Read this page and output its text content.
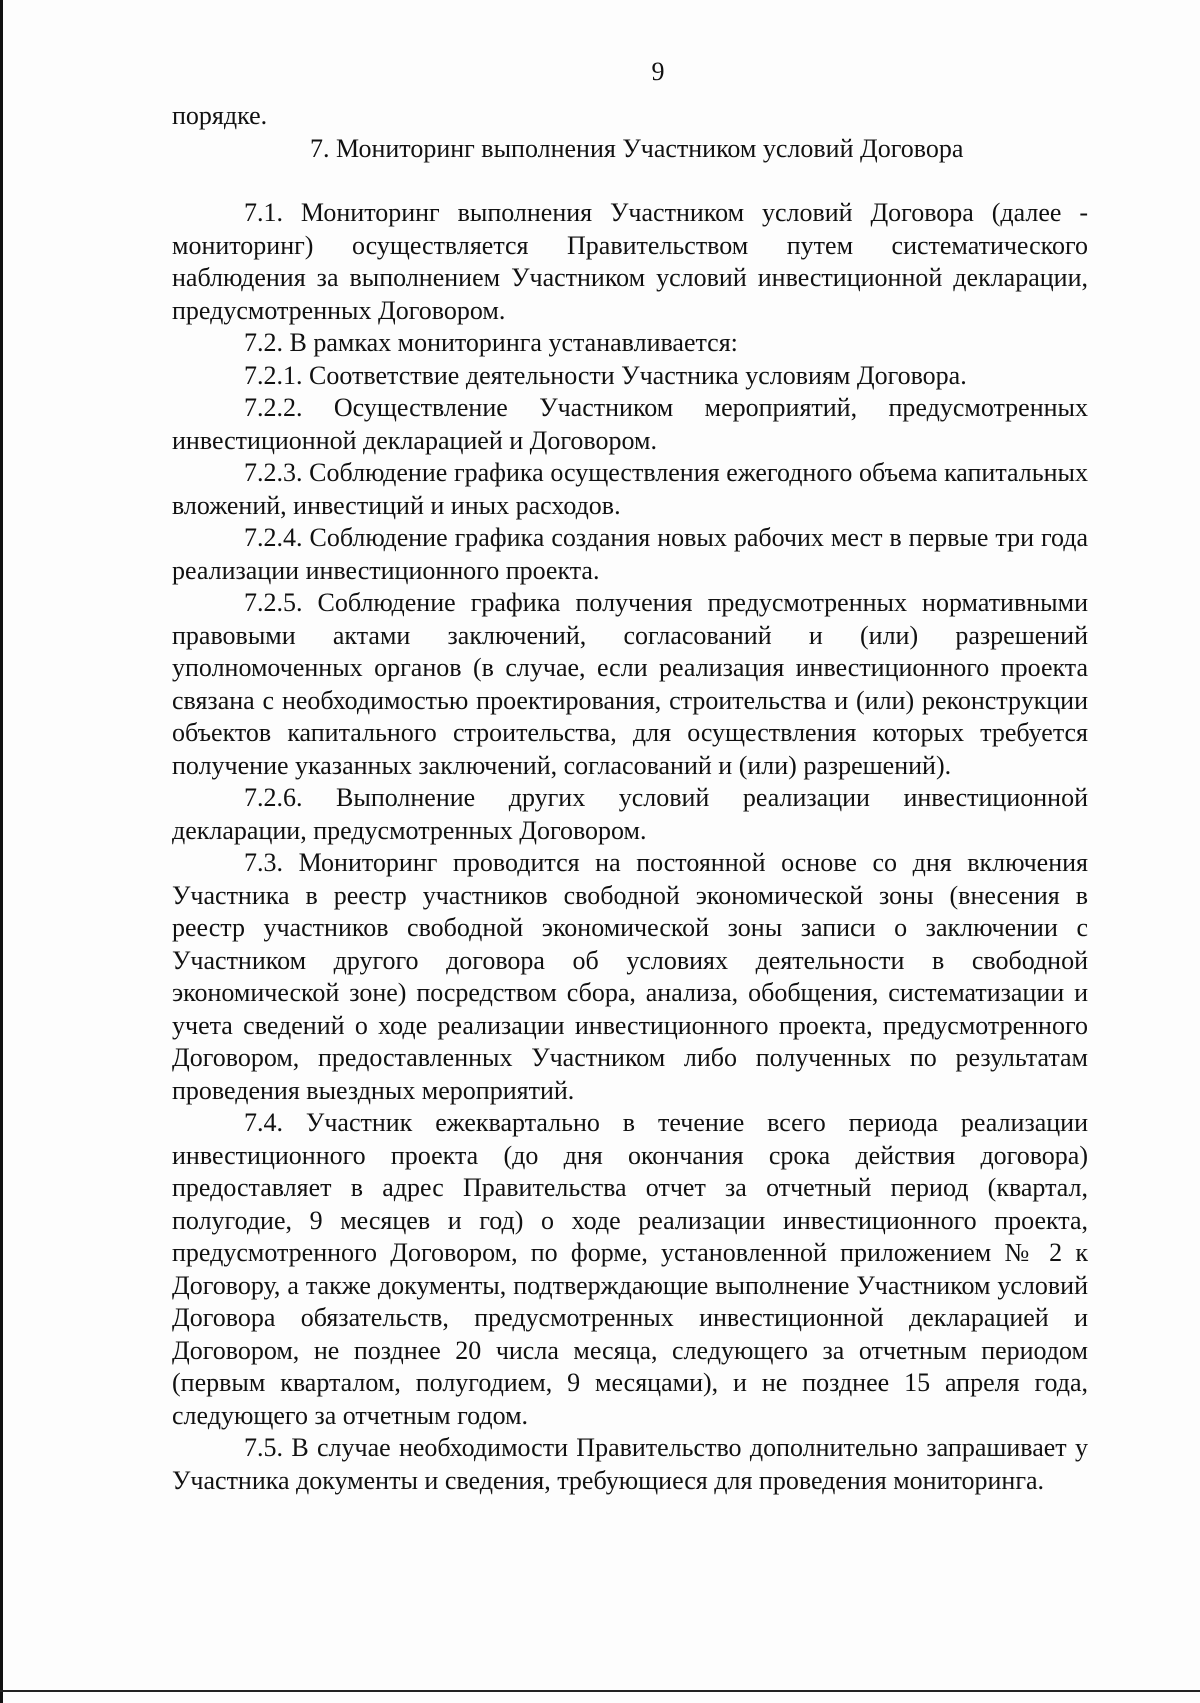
9

порядке.

7. Мониторинг выполнения Участником условий Договора

7.1. Мониторинг выполнения Участником условий Договора (далее - мониторинг) осуществляется Правительством путем систематического наблюдения за выполнением Участником условий инвестиционной декларации, предусмотренных Договором.

7.2. В рамках мониторинга устанавливается:

7.2.1. Соответствие деятельности Участника условиям Договора.

7.2.2. Осуществление Участником мероприятий, предусмотренных инвестиционной декларацией и Договором.

7.2.3. Соблюдение графика осуществления ежегодного объема капитальных вложений, инвестиций и иных расходов.

7.2.4. Соблюдение графика создания новых рабочих мест в первые три года реализации инвестиционного проекта.

7.2.5. Соблюдение графика получения предусмотренных нормативными правовыми актами заключений, согласований и (или) разрешений уполномоченных органов (в случае, если реализация инвестиционного проекта связана с необходимостью проектирования, строительства и (или) реконструкции объектов капитального строительства, для осуществления которых требуется получение указанных заключений, согласований и (или) разрешений).

7.2.6. Выполнение других условий реализации инвестиционной декларации, предусмотренных Договором.

7.3. Мониторинг проводится на постоянной основе со дня включения Участника в реестр участников свободной экономической зоны (внесения в реестр участников свободной экономической зоны записи о заключении с Участником другого договора об условиях деятельности в свободной экономической зоне) посредством сбора, анализа, обобщения, систематизации и учета сведений о ходе реализации инвестиционного проекта, предусмотренного Договором, предоставленных Участником либо полученных по результатам проведения выездных мероприятий.

7.4. Участник ежеквартально в течение всего периода реализации инвестиционного проекта (до дня окончания срока действия договора) предоставляет в адрес Правительства отчет за отчетный период (квартал, полугодие, 9 месяцев и год) о ходе реализации инвестиционного проекта, предусмотренного Договором, по форме, установленной приложением № 2 к Договору, а также документы, подтверждающие выполнение Участником условий Договора обязательств, предусмотренных инвестиционной декларацией и Договором, не позднее 20 числа месяца, следующего за отчетным периодом (первым кварталом, полугодием, 9 месяцами), и не позднее 15 апреля года, следующего за отчетным годом.

7.5. В случае необходимости Правительство дополнительно запрашивает у Участника документы и сведения, требующиеся для проведения мониторинга.
